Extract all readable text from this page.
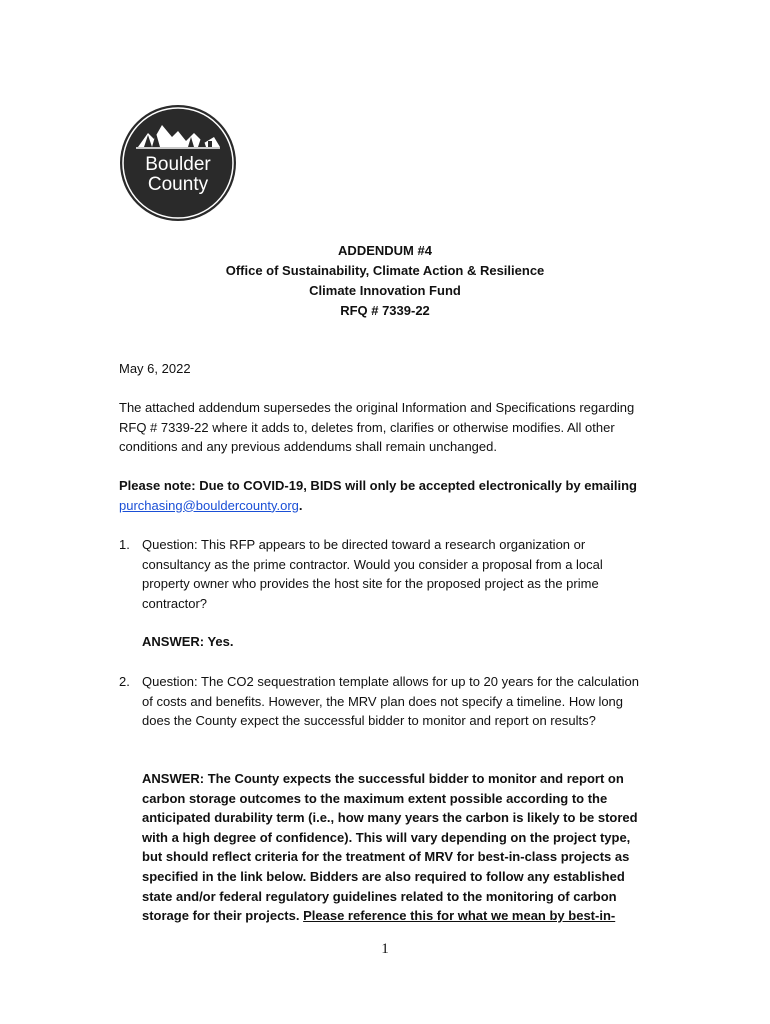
Boulder
County
ADDENDUM #4
Office of Sustainability, Climate Action & Resilience
Climate Innovation Fund
RFQ # 7339-22
May 6, 2022
The attached addendum supersedes the original Information and Specifications regarding RFQ # 7339-22 where it adds to, deletes from, clarifies or otherwise modifies. All other conditions and any previous addendums shall remain unchanged.
Please note: Due to COVID-19, BIDS will only be accepted electronically by emailing purchasing@bouldercounty.org.
1. Question: This RFP appears to be directed toward a research organization or consultancy as the prime contractor. Would you consider a proposal from a local property owner who provides the host site for the proposed project as the prime contractor?
ANSWER: Yes.
2. Question: The CO2 sequestration template allows for up to 20 years for the calculation of costs and benefits. However, the MRV plan does not specify a timeline. How long does the County expect the successful bidder to monitor and report on results?
ANSWER: The County expects the successful bidder to monitor and report on carbon storage outcomes to the maximum extent possible according to the anticipated durability term (i.e., how many years the carbon is likely to be stored with a high degree of confidence). This will vary depending on the project type, but should reflect criteria for the treatment of MRV for best-in-class projects as specified in the link below. Bidders are also required to follow any established state and/or federal regulatory guidelines related to the monitoring of carbon storage for their projects. Please reference this for what we mean by best-in-
1
